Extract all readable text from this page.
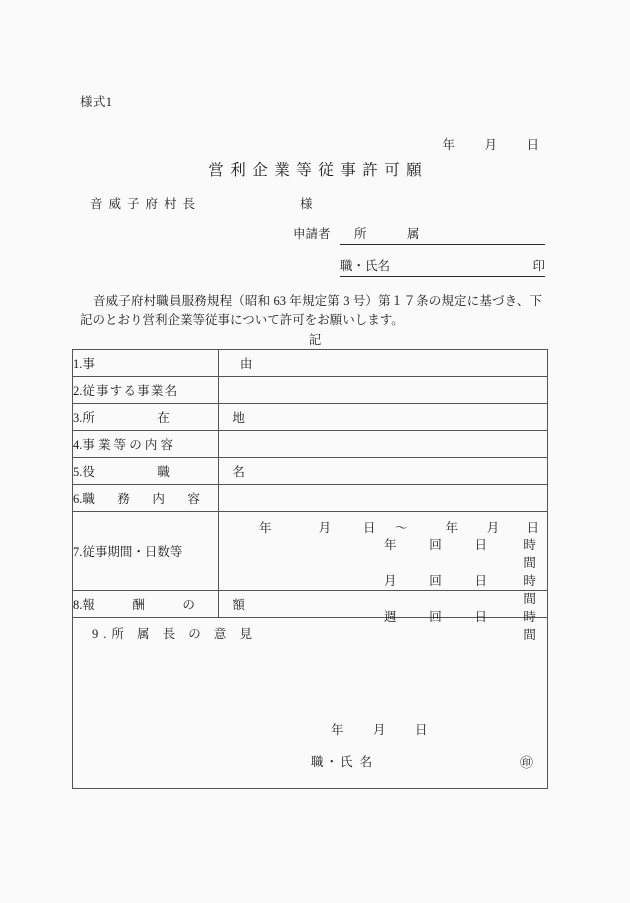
様式1

年 月 日

営利企業等従事許可願
音威子府村長	様
申請者	所　属
職・氏名	印
音威子府村職員服務規程（昭和 63 年規定第 3 号）第１７条の規定に基づき、下記のとおり営利企業等従事について許可をお願いします。
記
1.事　　　　由	
2.従事する事業名	
3.所　　在　　地	
4.事 業 等 の 内 容	
5.役　　職　　名	
6.職　務　内　容	
7.従事期間・日数等	
年	月	日	～	年	月	日
年	回	日	時間
月	回	日	時間
週	回	日	時間

8.報　酬　の　額	

9.所 属 長 の 意 見
年 月 日
職・氏 名 ㊞	
